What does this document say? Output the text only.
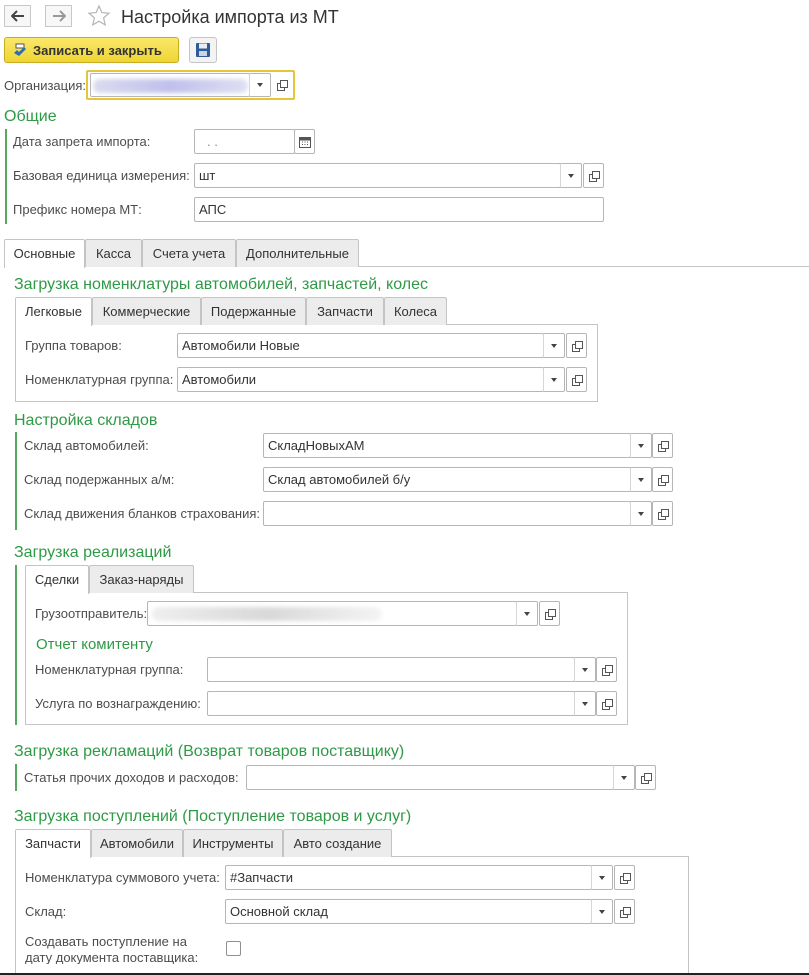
Настройка импорта из МТ
Записать и закрыть
Организация:
Общие
Дата запрета импорта:	. .
Базовая единица измерения: шт
Префикс номера МТ:	АПС
Основные	Касса	Счета учета	Дополнительные
Загрузка номенклатуры автомобилей, запчастей, колес
Легковые	Коммерческие	Подержанные	Запчасти	Колеса
Группа товаров:	Автомобили Новые
Номенклатурная группа: Автомобили
Настройка складов
Склад автомобилей:	СкладНовыхАМ
Склад подержанных а/м:	Склад автомобилей б/у
Склад движения бланков страхования:
Загрузка реализаций
Сделки	Заказ-наряды
Грузоотправитель:
Отчет комитенту
Номенклатурная группа:
Услуга по вознаграждению:
Загрузка рекламаций (Возврат товаров поставщику)
Статья прочих доходов и расходов:
Загрузка поступлений (Поступление товаров и услуг)
Запчасти	Автомобили	Инструменты	Авто создание
Номенклатура суммового учета: #Запчасти
Склад:	Основной склад
Создавать поступление на дату документа поставщика:
